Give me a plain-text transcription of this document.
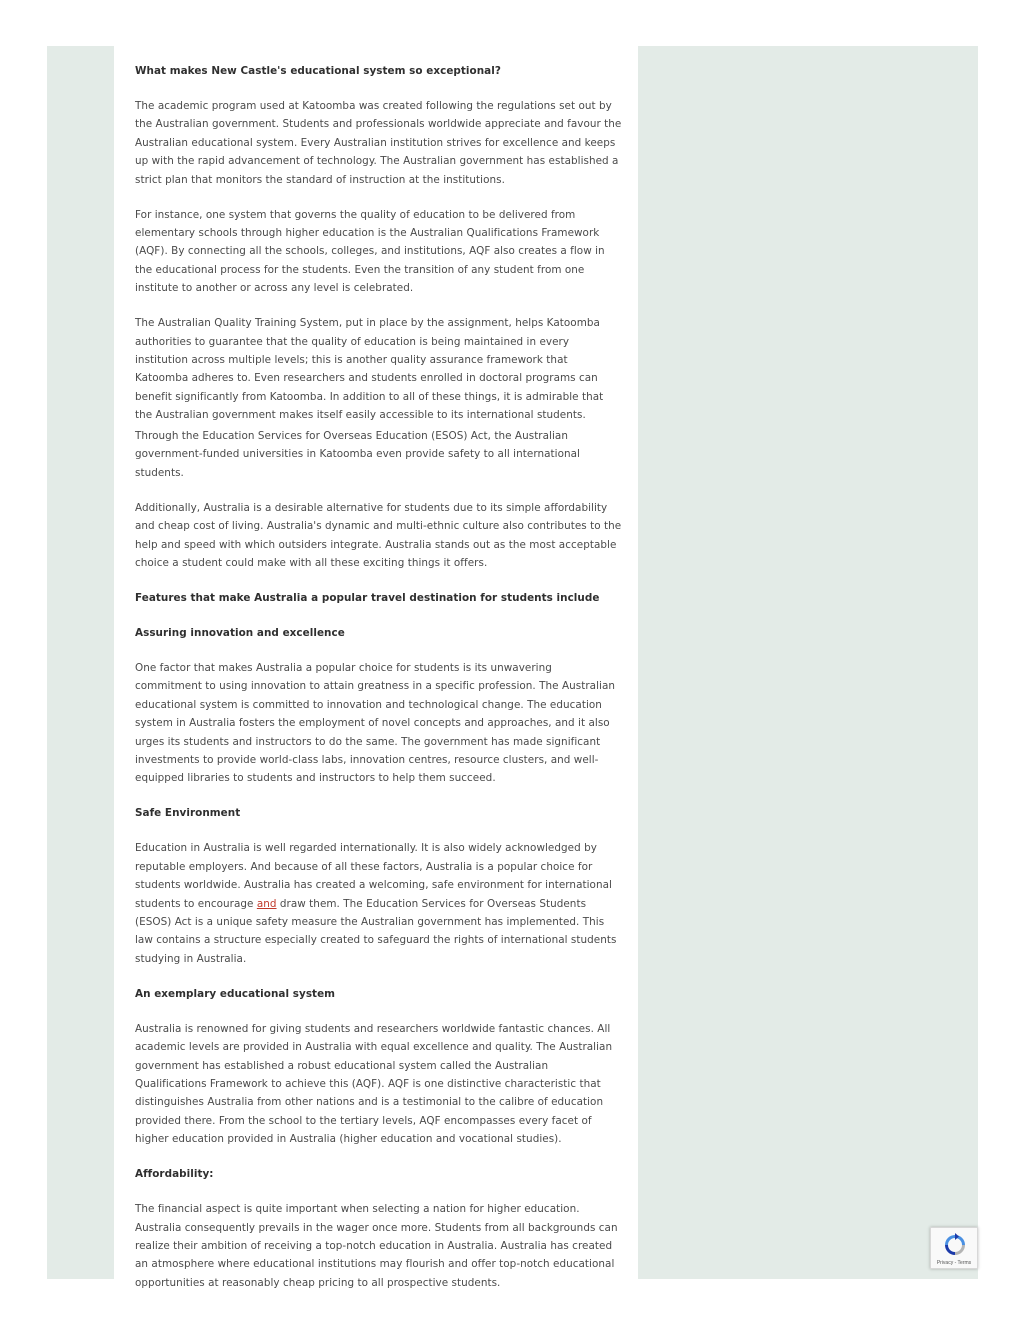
What makes New Castle's educational system so exceptional?

The academic program used at Katoomba was created following the regulations set out by the Australian government. Students and professionals worldwide appreciate and favour the Australian educational system. Every Australian institution strives for excellence and keeps up with the rapid advancement of technology. The Australian government has established a strict plan that monitors the standard of instruction at the institutions.

For instance, one system that governs the quality of education to be delivered from elementary schools through higher education is the Australian Qualifications Framework (AQF). By connecting all the schools, colleges, and institutions, AQF also creates a flow in the educational process for the students. Even the transition of any student from one institute to another or across any level is celebrated.

The Australian Quality Training System, put in place by the assignment, helps Katoomba authorities to guarantee that the quality of education is being maintained in every institution across multiple levels; this is another quality assurance framework that Katoomba adheres to. Even researchers and students enrolled in doctoral programs can benefit significantly from Katoomba. In addition to all of these things, it is admirable that the Australian government makes itself easily accessible to its international students.

Through the Education Services for Overseas Education (ESOS) Act, the Australian government-funded universities in Katoomba even provide safety to all international students.

Additionally, Australia is a desirable alternative for students due to its simple affordability and cheap cost of living. Australia's dynamic and multi-ethnic culture also contributes to the help and speed with which outsiders integrate. Australia stands out as the most acceptable choice a student could make with all these exciting things it offers.

Features that make Australia a popular travel destination for students include
Assuring innovation and excellence

One factor that makes Australia a popular choice for students is its unwavering commitment to using innovation to attain greatness in a specific profession. The Australian educational system is committed to innovation and technological change. The education system in Australia fosters the employment of novel concepts and approaches, and it also urges its students and instructors to do the same. The government has made significant investments to provide world-class labs, innovation centres, resource clusters, and well-equipped libraries to students and instructors to help them succeed.

Safe Environment

Education in Australia is well regarded internationally. It is also widely acknowledged by reputable employers. And because of all these factors, Australia is a popular choice for students worldwide. Australia has created a welcoming, safe environment for international students to encourage and draw them. The Education Services for Overseas Students (ESOS) Act is a unique safety measure the Australian government has implemented. This law contains a structure especially created to safeguard the rights of international students studying in Australia.

An exemplary educational system

Australia is renowned for giving students and researchers worldwide fantastic chances. All academic levels are provided in Australia with equal excellence and quality. The Australian government has established a robust educational system called the Australian Qualifications Framework to achieve this (AQF). AQF is one distinctive characteristic that distinguishes Australia from other nations and is a testimonial to the calibre of education provided there. From the school to the tertiary levels, AQF encompasses every facet of higher education provided in Australia (higher education and vocational studies).

Affordability:

The financial aspect is quite important when selecting a nation for higher education. Australia consequently prevails in the wager once more. Students from all backgrounds can realize their ambition of receiving a top-notch education in Australia. Australia has created an atmosphere where educational institutions may flourish and offer top-notch educational opportunities at reasonably cheap pricing to all prospective students.

Privacy - Terms
